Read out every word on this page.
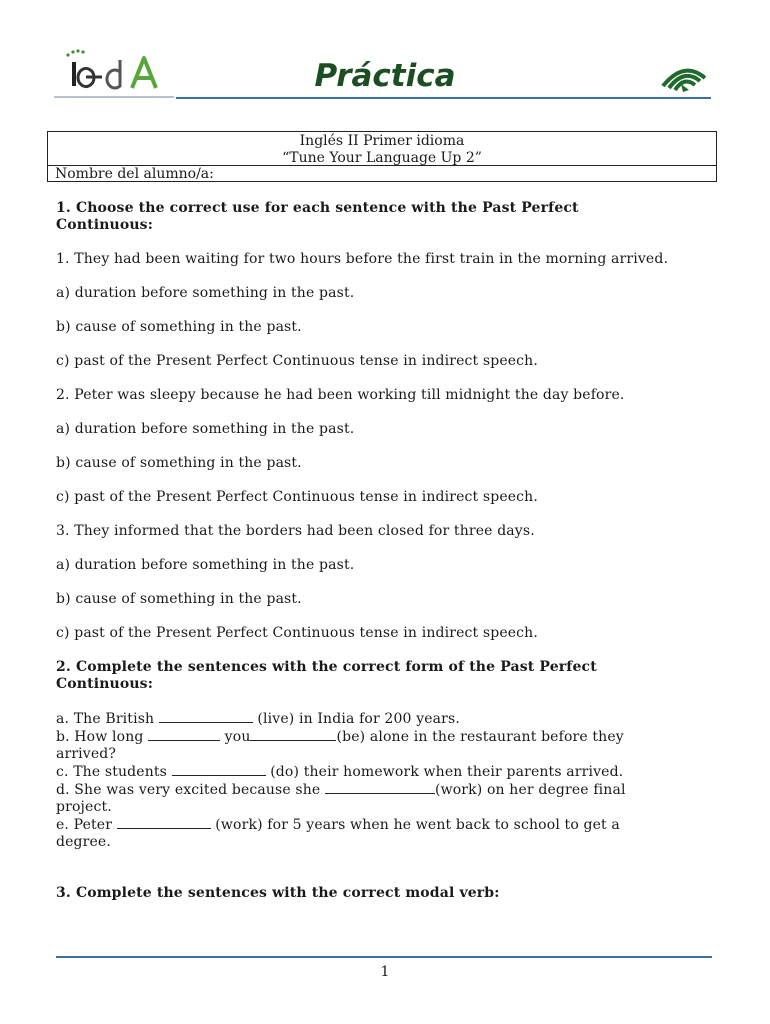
Práctica
Inglés II Primer idioma
“Tune Your Language Up 2”
Nombre del alumno/a:

1. Choose the correct use for each sentence with the Past Perfect Continuous:

1. They had been waiting for two hours before the first train in the morning arrived.

a) duration before something in the past.

b) cause of something in the past.

c) past of the Present Perfect Continuous tense in indirect speech.

2. Peter was sleepy because he had been working till midnight the day before.

a) duration before something in the past.

b) cause of something in the past.

c) past of the Present Perfect Continuous tense in indirect speech.

3. They informed that the borders had been closed for three days.

a) duration before something in the past.

b) cause of something in the past.

c) past of the Present Perfect Continuous tense in indirect speech.

2. Complete the sentences with the correct form of the Past Perfect Continuous:

a. The British	(live) in India for 200 years.

b. How long	you	(be) alone in the restaurant before they arrived?

c. The students	(do) their homework when their parents arrived.

d. She was very excited because she	(work) on her degree final project.

e. Peter	(work) for 5 years when he went back to school to get a degree.

3. Complete the sentences with the correct modal verb:

1
